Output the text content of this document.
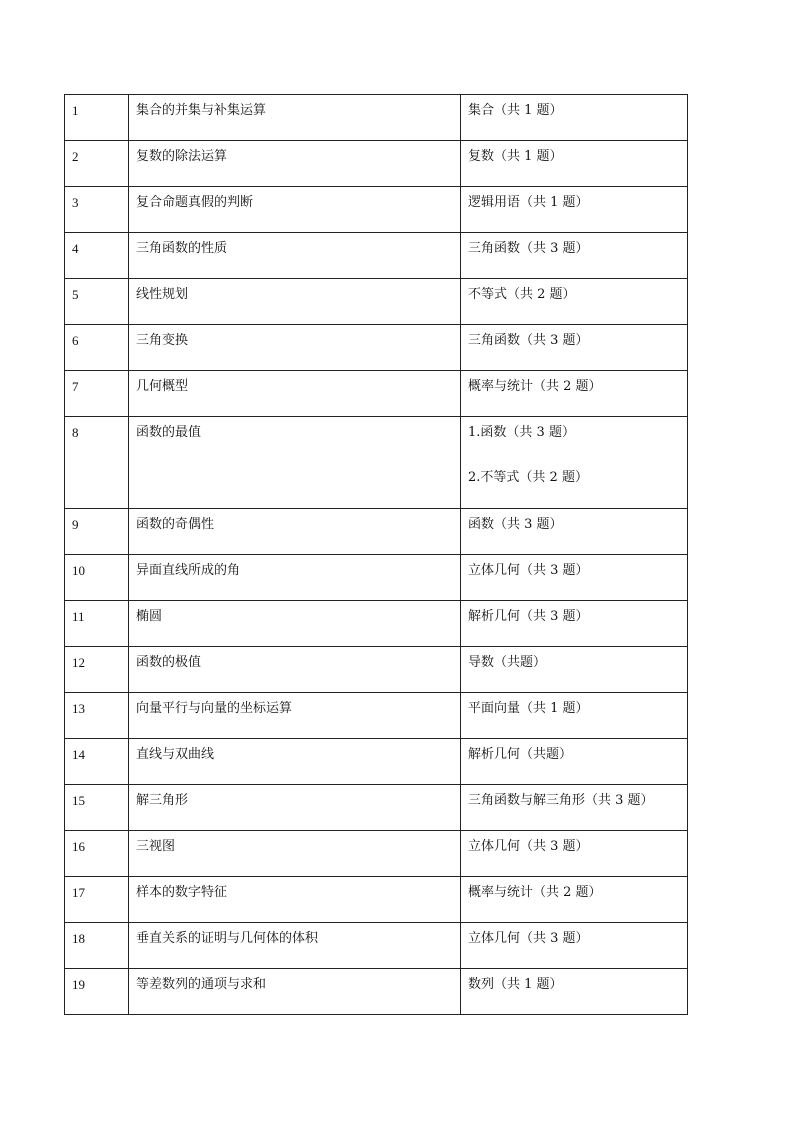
1	集合的并集与补集运算	集合（共 1 题）

2	复数的除法运算	复数（共 1 题）

3	复合命题真假的判断	逻辑用语（共 1 题）

4	三角函数的性质	三角函数（共 3 题）

5	线性规划	不等式（共 2 题）

6	三角变换	三角函数（共 3 题）

7	几何概型	概率与统计（共 2 题）

8	函数的最值	1.函数（共 3 题）
2.不等式（共 2 题）

9	函数的奇偶性	函数（共 3 题）

10	异面直线所成的角	立体几何（共 3 题）

11	椭圆	解析几何（共 3 题）

12	函数的极值	导数（共题）

13	向量平行与向量的坐标运算	平面向量（共 1 题）

14	直线与双曲线	解析几何（共题）

15	解三角形	三角函数与解三角形（共 3 题）

16	三视图	立体几何（共 3 题）

17	样本的数字特征	概率与统计（共 2 题）

18	垂直关系的证明与几何体的体积	立体几何（共 3 题）

19	等差数列的通项与求和	数列（共 1 题）
